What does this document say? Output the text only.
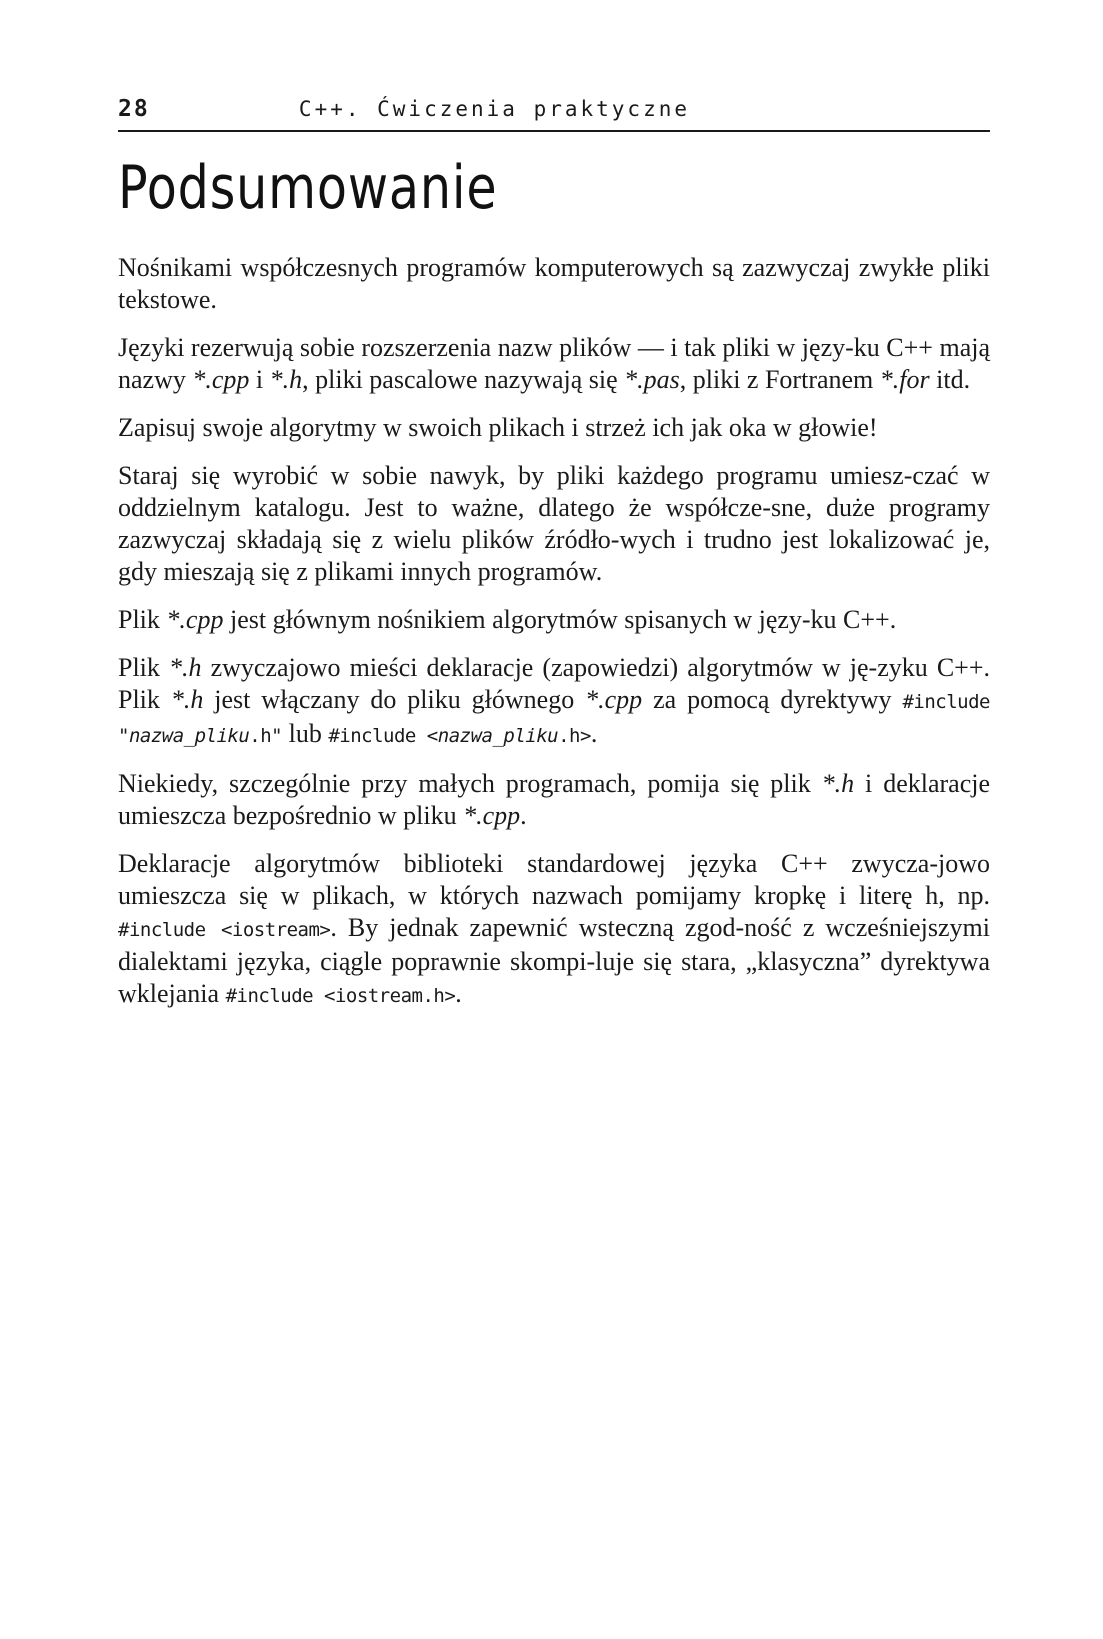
28	C++. Ćwiczenia praktyczne
Podsumowanie

Nośnikami współczesnych programów komputerowych są zazwyczaj zwykłe pliki tekstowe.

Języki rezerwują sobie rozszerzenia nazw plików — i tak pliki w języ-ku C++ mają nazwy *.cpp i *.h, pliki pascalowe nazywają się *.pas, pliki z Fortranem *.for itd.

Zapisuj swoje algorytmy w swoich plikach i strzeż ich jak oka w głowie!

Staraj się wyrobić w sobie nawyk, by pliki każdego programu umiesz-czać w oddzielnym katalogu. Jest to ważne, dlatego że współcze-sne, duże programy zazwyczaj składają się z wielu plików źródło-wych i trudno jest lokalizować je, gdy mieszają się z plikami innych programów.

Plik *.cpp jest głównym nośnikiem algorytmów spisanych w języ-ku C++.

Plik *.h zwyczajowo mieści deklaracje (zapowiedzi) algorytmów w ję-zyku C++. Plik *.h jest włączany do pliku głównego *.cpp za pomocą dyrektywy #include "nazwa_pliku.h" lub #include <nazwa_pliku.h>.

Niekiedy, szczególnie przy małych programach, pomija się plik *.h i deklaracje umieszcza bezpośrednio w pliku *.cpp.

Deklaracje algorytmów biblioteki standardowej języka C++ zwycza-jowo umieszcza się w plikach, w których nazwach pomijamy kropkę i literę h, np. #include <iostream>. By jednak zapewnić wsteczną zgod-ność z wcześniejszymi dialektami języka, ciągle poprawnie skompi-luje się stara, „klasyczna” dyrektywa wklejania #include <iostream.h>.
